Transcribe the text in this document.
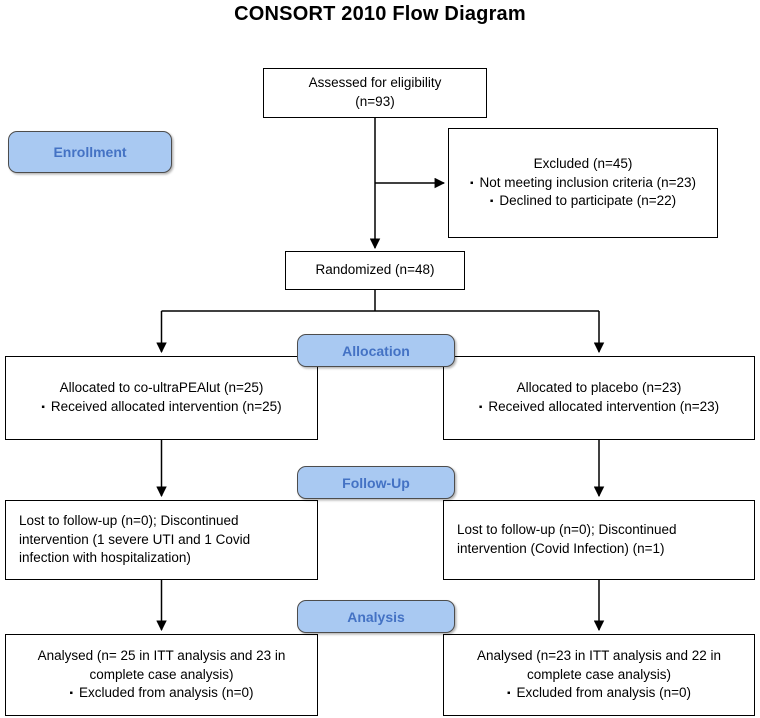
CONSORT 2010 Flow Diagram
Assessed for eligibility
(n=93)
Enrollment
Excluded (n=45)
▪ Not meeting inclusion criteria (n=23)
▪ Declined to participate (n=22)
Randomized (n=48)
Allocation
Allocated to co-ultraPEAlut (n=25)
▪ Received allocated intervention (n=25)
Allocated to placebo (n=23)
▪ Received allocated intervention (n=23)
Follow-Up
Lost to follow-up (n=0); Discontinued intervention (1 severe UTI and 1 Covid infection with hospitalization)
Lost to follow-up (n=0); Discontinued intervention (Covid Infection) (n=1)
Analysis
Analysed (n= 25 in ITT analysis and 23 in complete case analysis)
▪ Excluded from analysis (n=0)
Analysed (n=23 in ITT analysis and 22 in complete case analysis)
▪ Excluded from analysis (n=0)
